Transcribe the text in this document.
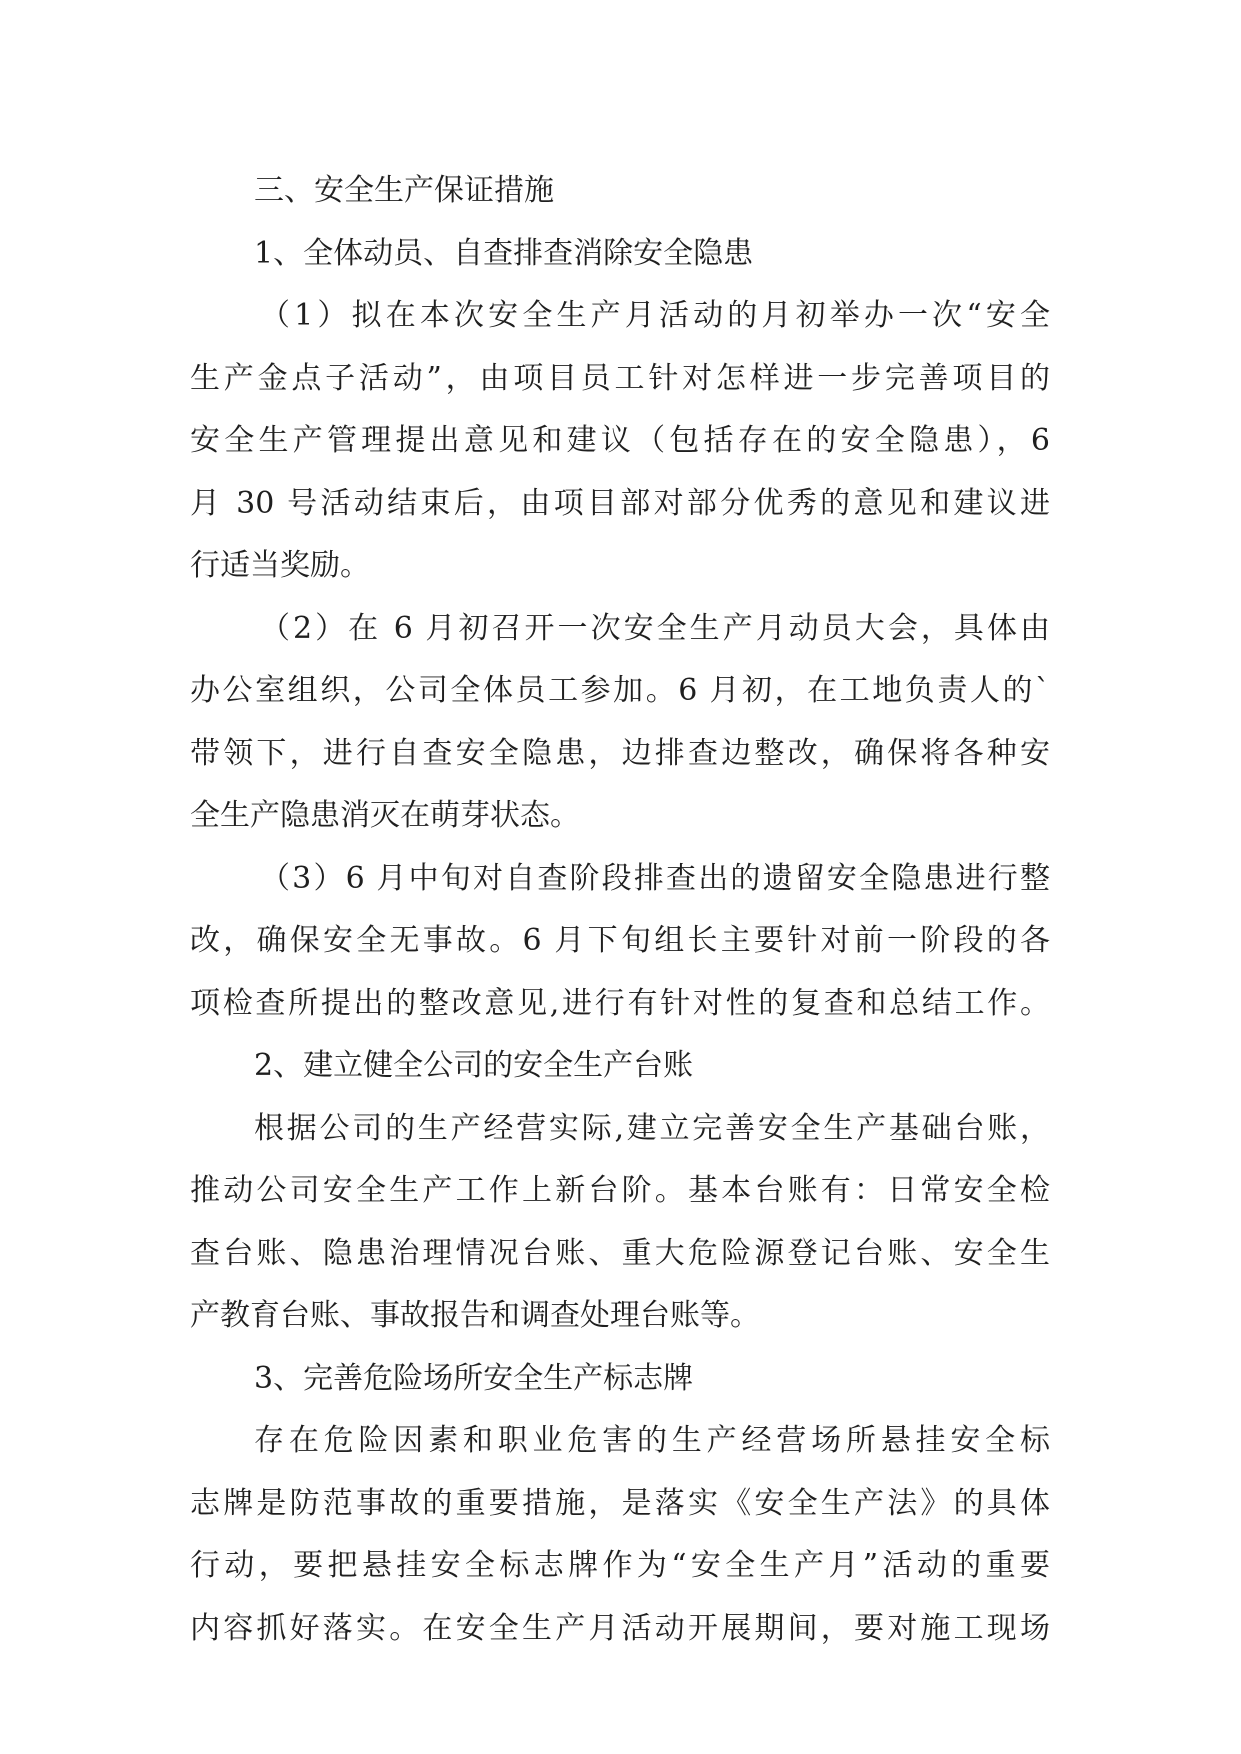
三、安全生产保证措施
1、全体动员、自查排查消除安全隐患
（1）拟在本次安全生产月活动的月初举办一次“安全
生产金点子活动”，由项目员工针对怎样进一步完善项目的
安全生产管理提出意见和建议（包括存在的安全隐患），6
月 30 号活动结束后，由项目部对部分优秀的意见和建议进
行适当奖励。
（2）在 6 月初召开一次安全生产月动员大会，具体由
办公室组织，公司全体员工参加。6 月初，在工地负责人的`
带领下，进行自查安全隐患，边排查边整改，确保将各种安
全生产隐患消灭在萌芽状态。
（3）6 月中旬对自查阶段排查出的遗留安全隐患进行整
改，确保安全无事故。6 月下旬组长主要针对前一阶段的各
项检查所提出的整改意见,进行有针对性的复查和总结工作。
2、建立健全公司的安全生产台账
根据公司的生产经营实际,建立完善安全生产基础台账，
推动公司安全生产工作上新台阶。基本台账有：日常安全检
查台账、隐患治理情况台账、重大危险源登记台账、安全生
产教育台账、事故报告和调查处理台账等。
3、完善危险场所安全生产标志牌
存在危险因素和职业危害的生产经营场所悬挂安全标
志牌是防范事故的重要措施，是落实《安全生产法》的具体
行动，要把悬挂安全标志牌作为“安全生产月”活动的重要
内容抓好落实。在安全生产月活动开展期间，要对施工现场
